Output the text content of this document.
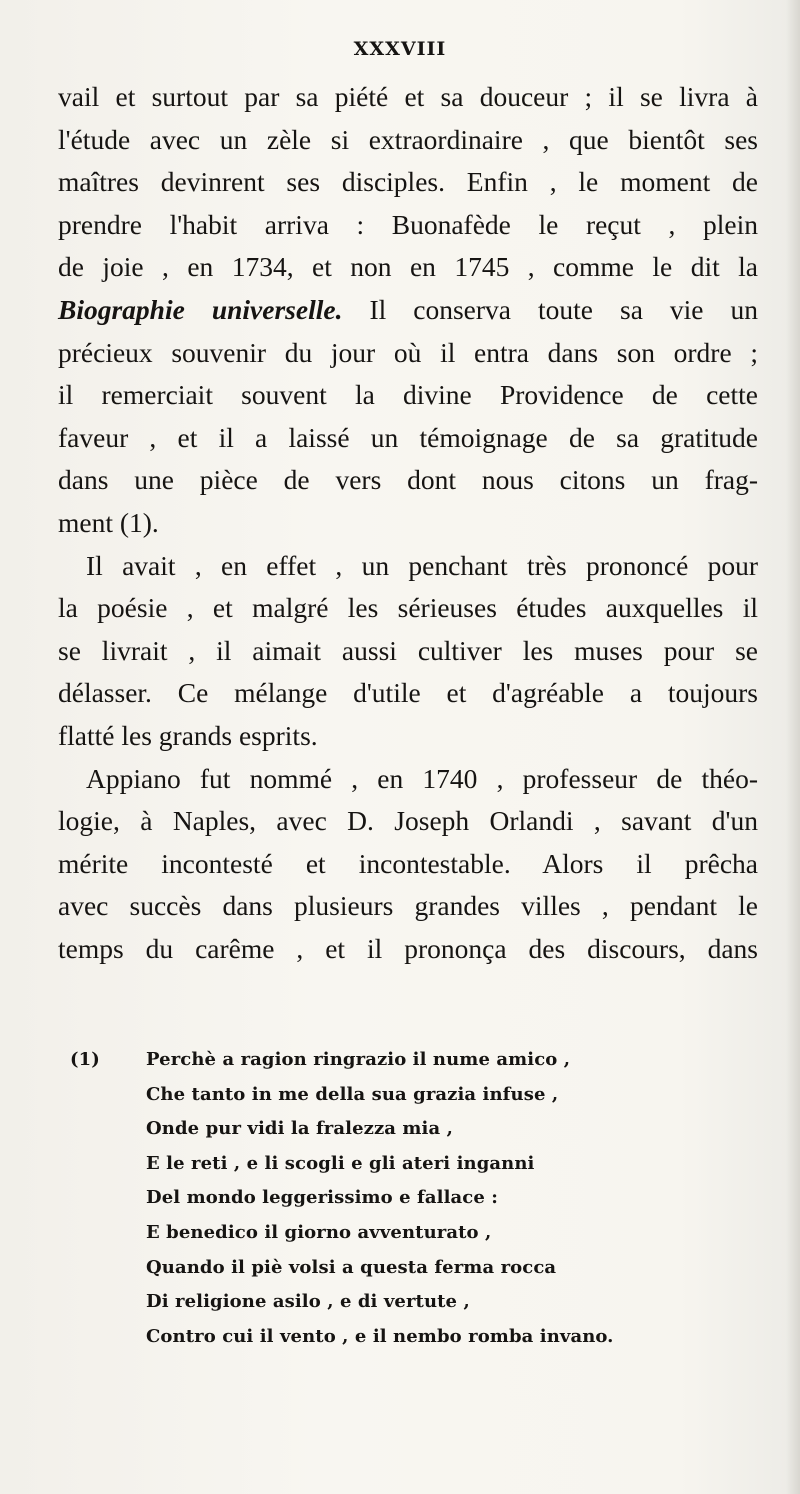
XXXVIII
vail et surtout par sa piété et sa douceur ; il se livra à
l'étude avec un zèle si extraordinaire , que bientôt ses
maîtres devinrent ses disciples. Enfin , le moment de
prendre l'habit arriva : Buonafède le reçut , plein
de joie , en 1734, et non en 1745 , comme le dit la
Biographie universelle. Il conserva toute sa vie un
précieux souvenir du jour où il entra dans son ordre ;
il remerciait souvent la divine Providence de cette
faveur , et il a laissé un témoignage de sa gratitude
dans une pièce de vers dont nous citons un frag-
ment (1).
Il avait , en effet , un penchant très prononcé pour
la poésie , et malgré les sérieuses études auxquelles il
se livrait , il aimait aussi cultiver les muses pour se
délasser. Ce mélange d'utile et d'agréable a toujours
flatté les grands esprits.
Appiano fut nommé , en 1740 , professeur de théo-
logie, à Naples, avec D. Joseph Orlandi , savant d'un
mérite incontesté et incontestable. Alors il prêcha
avec succès dans plusieurs grandes villes , pendant le
temps du carême , et il prononça des discours, dans
(1)	Perchè a ragion ringrazio il nume amico ,
Che tanto in me della sua grazia infuse ,
Onde pur vidi la fralezza mia ,
E le reti , e li scogli e gli ateri inganni
Del mondo leggerissimo e fallace :
E benedico il giorno avventurato ,
Quando il piè volsi a questa ferma rocca
Di religione asilo , e di vertute ,
Contro cui il vento , e il nembo romba invano.
